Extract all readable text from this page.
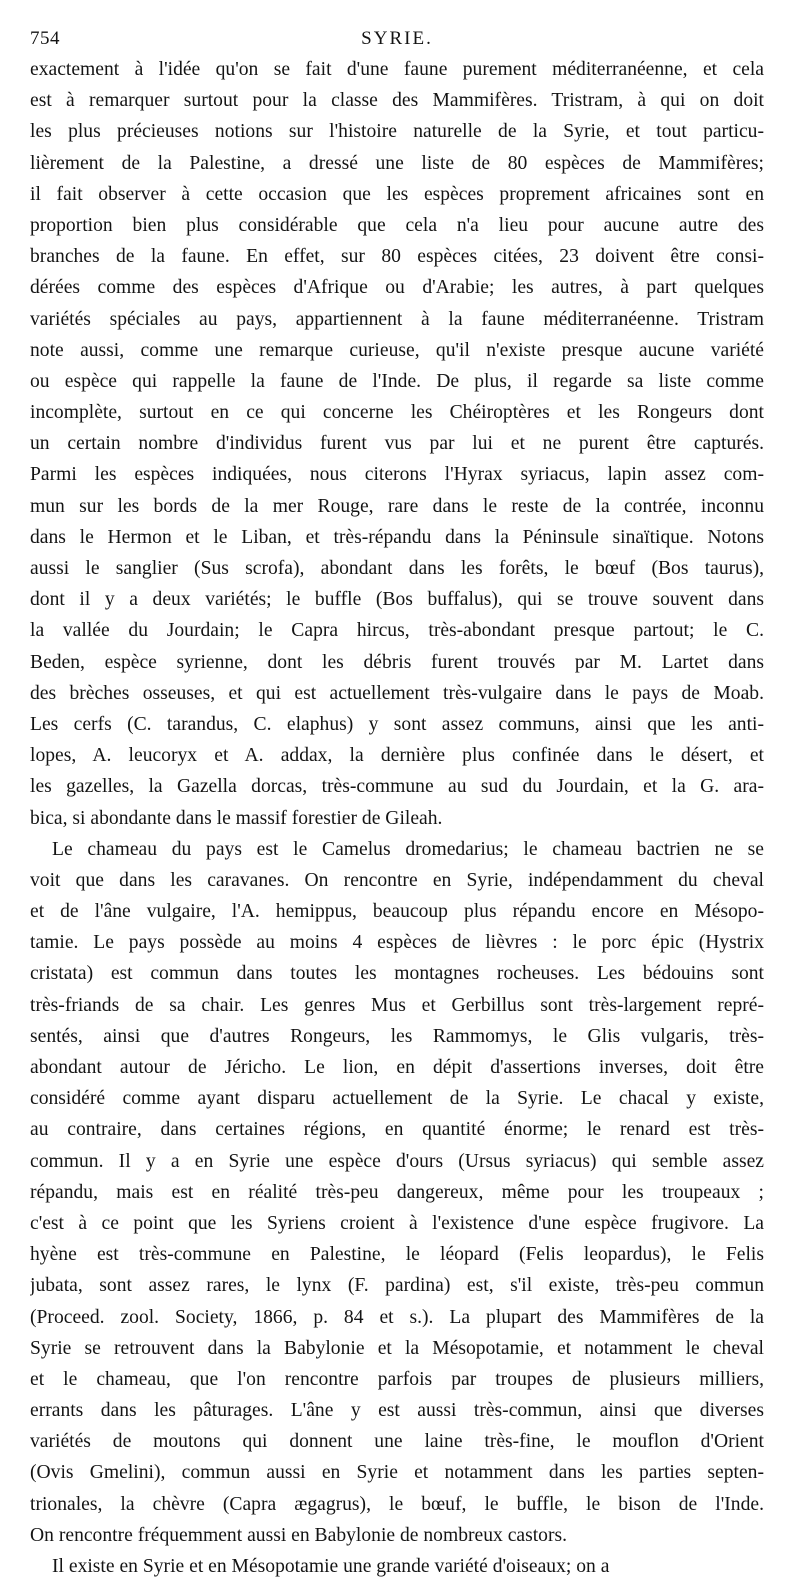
754	SYRIE.
exactement à l'idée qu'on se fait d'une faune purement méditerranéenne, et cela
est à remarquer surtout pour la classe des Mammifères. Tristram, à qui on doit
les plus précieuses notions sur l'histoire naturelle de la Syrie, et tout particu-
lièrement de la Palestine, a dressé une liste de 80 espèces de Mammifères;
il fait observer à cette occasion que les espèces proprement africaines sont en
proportion bien plus considérable que cela n'a lieu pour aucune autre des
branches de la faune. En effet, sur 80 espèces citées, 23 doivent être consi-
dérées comme des espèces d'Afrique ou d'Arabie; les autres, à part quelques
variétés spéciales au pays, appartiennent à la faune méditerranéenne. Tristram
note aussi, comme une remarque curieuse, qu'il n'existe presque aucune variété
ou espèce qui rappelle la faune de l'Inde. De plus, il regarde sa liste comme
incomplète, surtout en ce qui concerne les Chéiroptères et les Rongeurs dont
un certain nombre d'individus furent vus par lui et ne purent être capturés.
Parmi les espèces indiquées, nous citerons l'Hyrax syriacus, lapin assez com-
mun sur les bords de la mer Rouge, rare dans le reste de la contrée, inconnu
dans le Hermon et le Liban, et très-répandu dans la Péninsule sinaïtique. Notons
aussi le sanglier (Sus scrofa), abondant dans les forêts, le bœuf (Bos taurus),
dont il y a deux variétés; le buffle (Bos buffalus), qui se trouve souvent dans
la vallée du Jourdain; le Capra hircus, très-abondant presque partout; le C.
Beden, espèce syrienne, dont les débris furent trouvés par M. Lartet dans
des brèches osseuses, et qui est actuellement très-vulgaire dans le pays de Moab.
Les cerfs (C. tarandus, C. elaphus) y sont assez communs, ainsi que les anti-
lopes, A. leucoryx et A. addax, la dernière plus confinée dans le désert, et
les gazelles, la Gazella dorcas, très-commune au sud du Jourdain, et la G. ara-
bica, si abondante dans le massif forestier de Gileah.
Le chameau du pays est le Camelus dromedarius; le chameau bactrien ne se
voit que dans les caravanes. On rencontre en Syrie, indépendamment du cheval
et de l'âne vulgaire, l'A. hemippus, beaucoup plus répandu encore en Mésopo-
tamie. Le pays possède au moins 4 espèces de lièvres : le porc épic (Hystrix
cristata) est commun dans toutes les montagnes rocheuses. Les bédouins sont
très-friands de sa chair. Les genres Mus et Gerbillus sont très-largement repré-
sentés, ainsi que d'autres Rongeurs, les Rammomys, le Glis vulgaris, très-
abondant autour de Jéricho. Le lion, en dépit d'assertions inverses, doit être
considéré comme ayant disparu actuellement de la Syrie. Le chacal y existe,
au contraire, dans certaines régions, en quantité énorme; le renard est très-
commun. Il y a en Syrie une espèce d'ours (Ursus syriacus) qui semble assez
répandu, mais est en réalité très-peu dangereux, même pour les troupeaux ;
c'est à ce point que les Syriens croient à l'existence d'une espèce frugivore. La
hyène est très-commune en Palestine, le léopard (Felis leopardus), le Felis
jubata, sont assez rares, le lynx (F. pardina) est, s'il existe, très-peu commun
(Proceed. zool. Society, 1866, p. 84 et s.). La plupart des Mammifères de la
Syrie se retrouvent dans la Babylonie et la Mésopotamie, et notamment le cheval
et le chameau, que l'on rencontre parfois par troupes de plusieurs milliers,
errants dans les pâturages. L'âne y est aussi très-commun, ainsi que diverses
variétés de moutons qui donnent une laine très-fine, le mouflon d'Orient
(Ovis Gmelini), commun aussi en Syrie et notamment dans les parties septen-
trionales, la chèvre (Capra ægagrus), le bœuf, le buffle, le bison de l'Inde.
On rencontre fréquemment aussi en Babylonie de nombreux castors.
Il existe en Syrie et en Mésopotamie une grande variété d'oiseaux; on a
